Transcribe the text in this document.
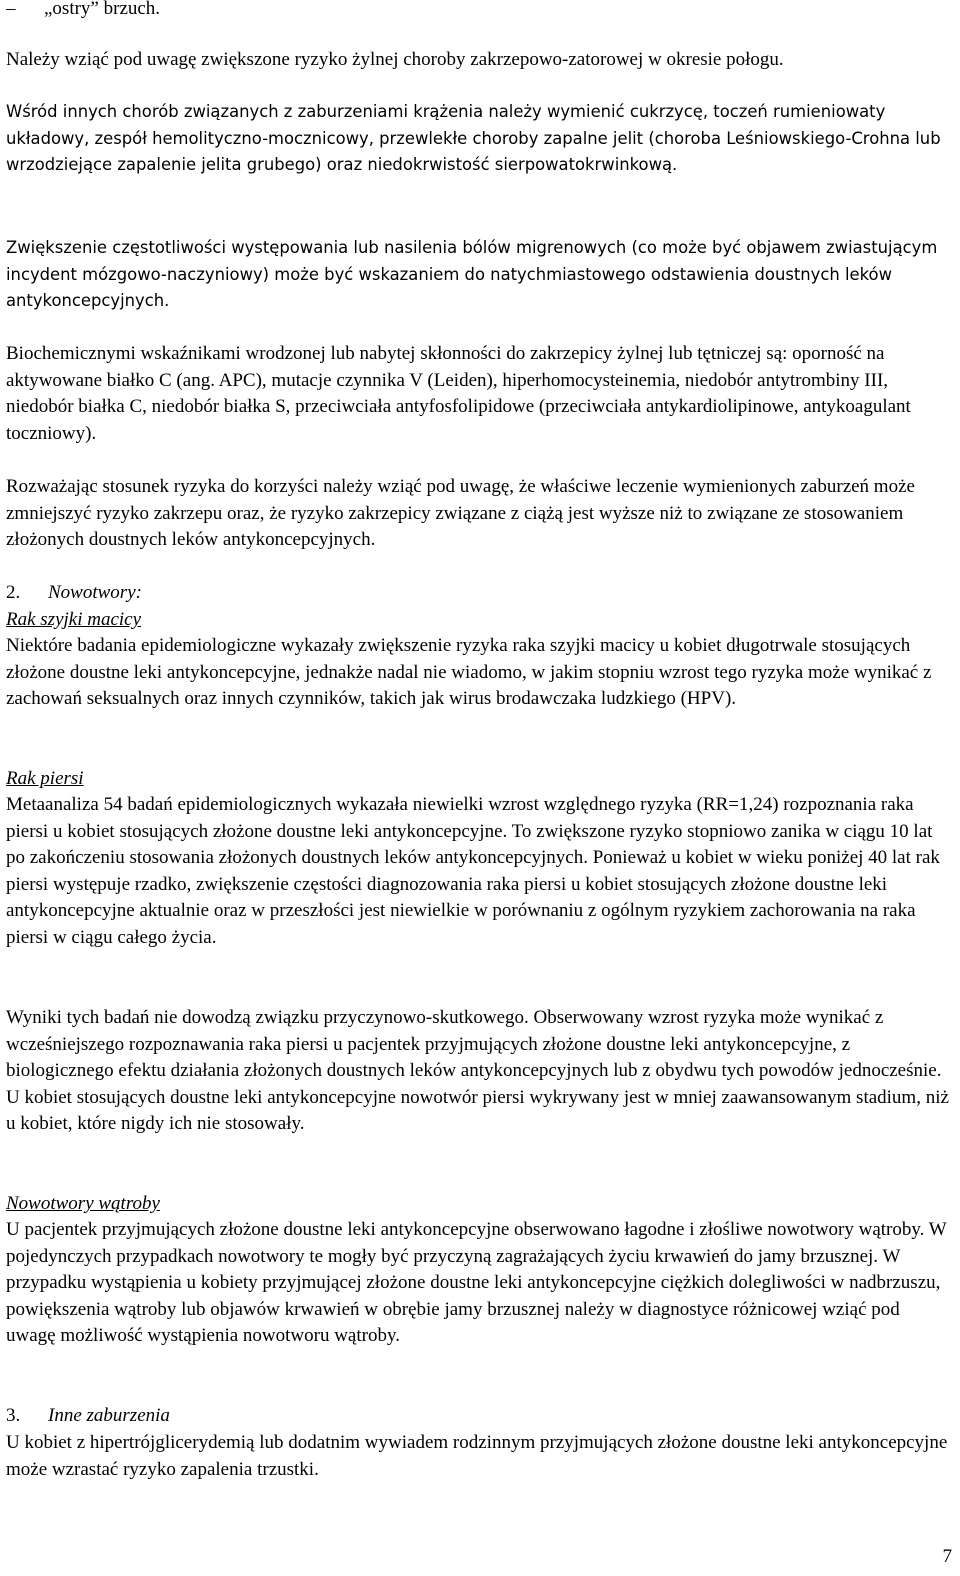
– „ostry” brzuch.

Należy wziąć pod uwagę zwiększone ryzyko żylnej choroby zakrzepowo-zatorowej w okresie połogu.

Wśród innych chorób związanych z zaburzeniami krążenia należy wymienić cukrzycę, toczeń rumieniowaty układowy, zespół hemolityczno-mocznicowy, przewlekłe choroby zapalne jelit (choroba Leśniowskiego-Crohna lub wrzodziejące zapalenie jelita grubego) oraz niedokrwistość sierpowatokrwinkową.

Zwiększenie częstotliwości występowania lub nasilenia bólów migrenowych (co może być objawem zwiastującym incydent mózgowo-naczyniowy) może być wskazaniem do natychmiastowego odstawienia doustnych leków antykoncepcyjnych.

Biochemicznymi wskaźnikami wrodzonej lub nabytej skłonności do zakrzepicy żylnej lub tętniczej są: oporność na aktywowane białko C (ang. APC), mutacje czynnika V (Leiden), hiperhomocysteinemia, niedobór antytrombiny III, niedobór białka C, niedobór białka S, przeciwciała antyfosfolipidowe (przeciwciała antykardiolipinowe, antykoagulant toczniowy).

Rozważając stosunek ryzyka do korzyści należy wziąć pod uwagę, że właściwe leczenie wymienionych zaburzeń może zmniejszyć ryzyko zakrzepu oraz, że ryzyko zakrzepicy związane z ciążą jest wyższe niż to związane ze stosowaniem złożonych doustnych leków antykoncepcyjnych.

2. Nowotwory:

Rak szyjki macicy

Niektóre badania epidemiologiczne wykazały zwiększenie ryzyka raka szyjki macicy u kobiet długotrwale stosujących złożone doustne leki antykoncepcyjne, jednakże nadal nie wiadomo, w jakim stopniu wzrost tego ryzyka może wynikać z zachowań seksualnych oraz innych czynników, takich jak wirus brodawczaka ludzkiego (HPV).

Rak piersi

Metaanaliza 54 badań epidemiologicznych wykazała niewielki wzrost względnego ryzyka (RR=1,24) rozpoznania raka piersi u kobiet stosujących złożone doustne leki antykoncepcyjne. To zwiększone ryzyko stopniowo zanika w ciągu 10 lat po zakończeniu stosowania złożonych doustnych leków antykoncepcyjnych. Ponieważ u kobiet w wieku poniżej 40 lat rak piersi występuje rzadko, zwiększenie częstości diagnozowania raka piersi u kobiet stosujących złożone doustne leki antykoncepcyjne aktualnie oraz w przeszłości jest niewielkie w porównaniu z ogólnym ryzykiem zachorowania na raka piersi w ciągu całego życia.

Wyniki tych badań nie dowodzą związku przyczynowo-skutkowego. Obserwowany wzrost ryzyka może wynikać z wcześniejszego rozpoznawania raka piersi u pacjentek przyjmujących złożone doustne leki antykoncepcyjne, z biologicznego efektu działania złożonych doustnych leków antykoncepcyjnych lub z obydwu tych powodów jednocześnie. U kobiet stosujących doustne leki antykoncepcyjne nowotwór piersi wykrywany jest w mniej zaawansowanym stadium, niż u kobiet, które nigdy ich nie stosowały.

Nowotwory wątroby

U pacjentek przyjmujących złożone doustne leki antykoncepcyjne obserwowano łagodne i złośliwe nowotwory wątroby. W pojedynczych przypadkach nowotwory te mogły być przyczyną zagrażających życiu krwawień do jamy brzusznej. W przypadku wystąpienia u kobiety przyjmującej złożone doustne leki antykoncepcyjne ciężkich dolegliwości w nadbrzuszu, powiększenia wątroby lub objawów krwawień w obrębie jamy brzusznej należy w diagnostyce różnicowej wziąć pod uwagę możliwość wystąpienia nowotworu wątroby.

3. Inne zaburzenia

U kobiet z hipertrójglicerydemią lub dodatnim wywiadem rodzinnym przyjmujących złożone doustne leki antykoncepcyjne może wzrastać ryzyko zapalenia trzustki.

7
